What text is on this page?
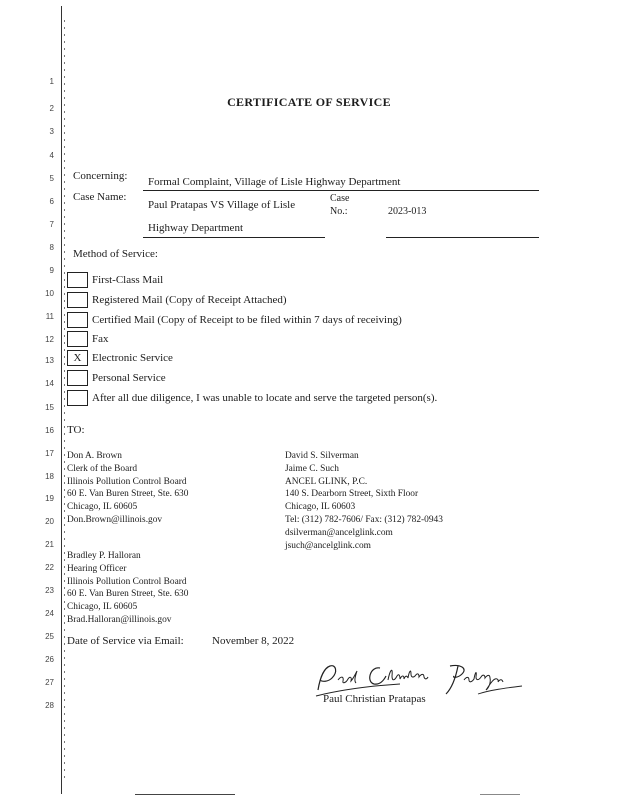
1
2
3
4
5
6
7
8
9
10
11
12
13
14
15
16
17
18
19
20
21
22
23
24
25
26
27
28
CERTIFICATE OF SERVICE
Concerning: Formal Complaint, Village of Lisle Highway Department
Case Name:
Paul Pratapas VS Village of Lisle
Highway Department
Case
No.:	2023-013
Method of Service:
First-Class Mail
Registered Mail (Copy of Receipt Attached)
Certified Mail (Copy of Receipt to be filed within 7 days of receiving)
Fax
X Electronic Service
Personal Service
After all due diligence, I was unable to locate and serve the targeted person(s).
TO:
Don A. Brown
Clerk of the Board
Illinois Pollution Control Board
60 E. Van Buren Street, Ste. 630
Chicago, IL 60605
Don.Brown@illinois.gov
David S. Silverman
Jaime C. Such
ANCEL GLINK, P.C.
140 S. Dearborn Street, Sixth Floor
Chicago, IL 60603
Tel: (312) 782-7606/ Fax: (312) 782-0943
dsilverman@ancelglink.com
jsuch@ancelglink.com
Bradley P. Halloran
Hearing Officer
Illinois Pollution Control Board
60 E. Van Buren Street, Ste. 630
Chicago, IL 60605
Brad.Halloran@illinois.gov
Date of Service via Email:	November 8, 2022
Paul Christian Pratapas
